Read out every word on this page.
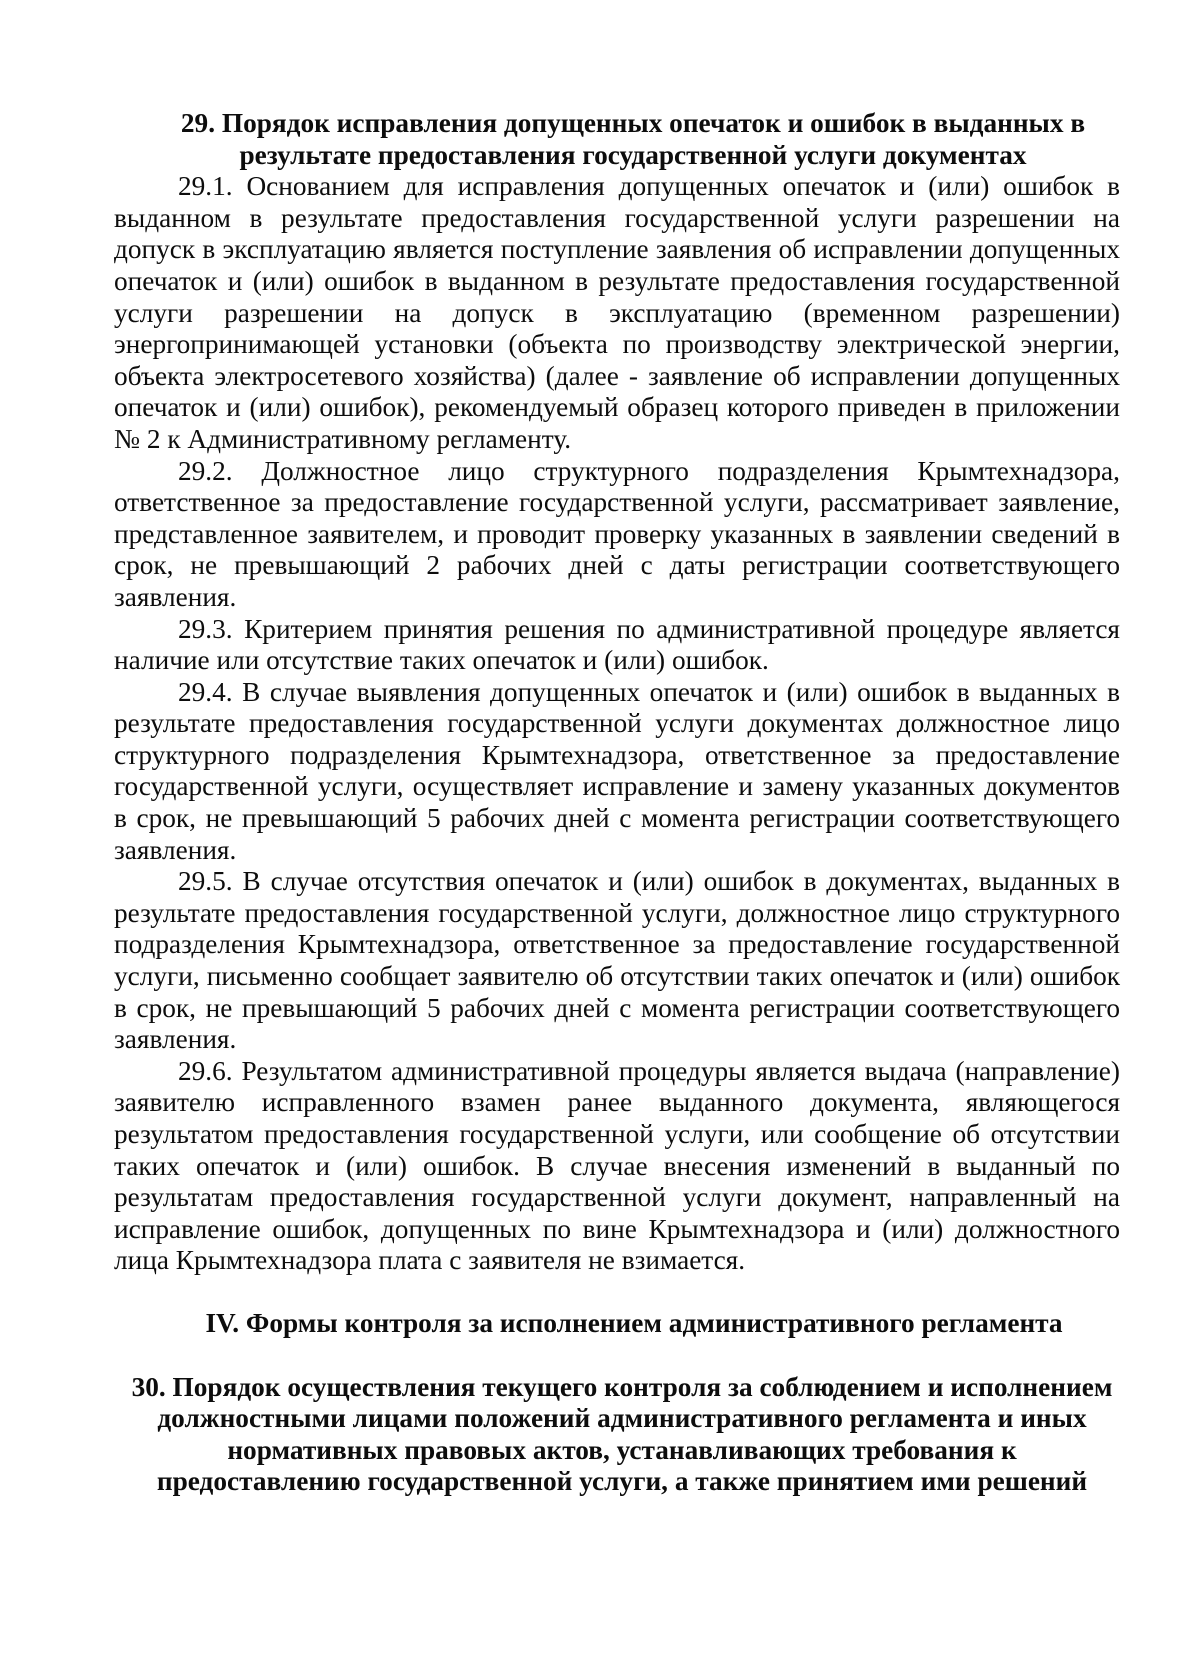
29. Порядок исправления допущенных опечаток и ошибок в выданных в результате предоставления государственной услуги документах

29.1. Основанием для исправления допущенных опечаток и (или) ошибок в выданном в результате предоставления государственной услуги разрешении на допуск в эксплуатацию является поступление заявления об исправлении допущенных опечаток и (или) ошибок в выданном в результате предоставления государственной услуги разрешении на допуск в эксплуатацию (временном разрешении) энергопринимающей установки (объекта по производству электрической энергии, объекта электросетевого хозяйства) (далее - заявление об исправлении допущенных опечаток и (или) ошибок), рекомендуемый образец которого приведен в приложении № 2 к Административному регламенту.

29.2. Должностное лицо структурного подразделения Крымтехнадзора, ответственное за предоставление государственной услуги, рассматривает заявление, представленное заявителем, и проводит проверку указанных в заявлении сведений в срок, не превышающий 2 рабочих дней с даты регистрации соответствующего заявления.

29.3. Критерием принятия решения по административной процедуре является наличие или отсутствие таких опечаток и (или) ошибок.

29.4. В случае выявления допущенных опечаток и (или) ошибок в выданных в результате предоставления государственной услуги документах должностное лицо структурного подразделения Крымтехнадзора, ответственное за предоставление государственной услуги, осуществляет исправление и замену указанных документов в срок, не превышающий 5 рабочих дней с момента регистрации соответствующего заявления.

29.5. В случае отсутствия опечаток и (или) ошибок в документах, выданных в результате предоставления государственной услуги, должностное лицо структурного подразделения Крымтехнадзора, ответственное за предоставление государственной услуги, письменно сообщает заявителю об отсутствии таких опечаток и (или) ошибок в срок, не превышающий 5 рабочих дней с момента регистрации соответствующего заявления.

29.6. Результатом административной процедуры является выдача (направление) заявителю исправленного взамен ранее выданного документа, являющегося результатом предоставления государственной услуги, или сообщение об отсутствии таких опечаток и (или) ошибок. В случае внесения изменений в выданный по результатам предоставления государственной услуги документ, направленный на исправление ошибок, допущенных по вине Крымтехнадзора и (или) должностного лица Крымтехнадзора плата с заявителя не взимается.

IV. Формы контроля за исполнением административного регламента

30. Порядок осуществления текущего контроля за соблюдением и исполнением должностными лицами положений административного регламента и иных нормативных правовых актов, устанавливающих требования к предоставлению государственной услуги, а также принятием ими решений
